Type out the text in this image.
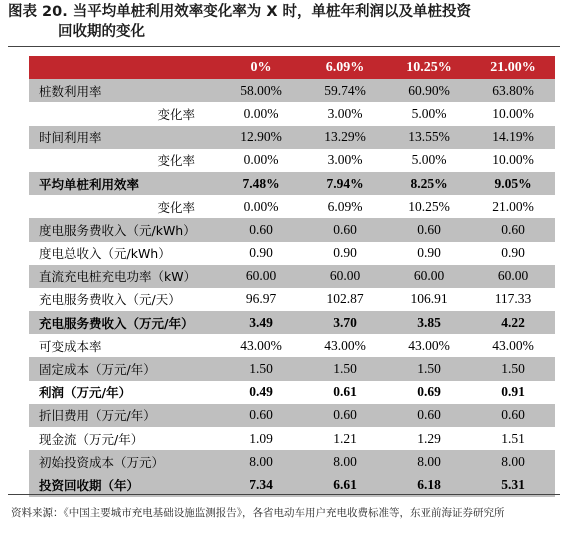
图表 20. 当平均单桩利用效率变化率为 X 时，单桩年利润以及单桩投资
回收期的变化
	0%	6.09%	10.25%	21.00%
桩数利用率	58.00%	59.74%	60.90%	63.80%
变化率	0.00%	3.00%	5.00%	10.00%
时间利用率	12.90%	13.29%	13.55%	14.19%
变化率	0.00%	3.00%	5.00%	10.00%
平均单桩利用效率	7.48%	7.94%	8.25%	9.05%
变化率	0.00%	6.09%	10.25%	21.00%
度电服务费收入（元/kWh）	0.60	0.60	0.60	0.60
度电总收入（元/kWh）	0.90	0.90	0.90	0.90
直流充电桩充电功率（kW）	60.00	60.00	60.00	60.00
充电服务费收入（元/天）	96.97	102.87	106.91	117.33
充电服务费收入（万元/年）	3.49	3.70	3.85	4.22
可变成本率	43.00%	43.00%	43.00%	43.00%
固定成本（万元/年）	1.50	1.50	1.50	1.50
利润（万元/年）	0.49	0.61	0.69	0.91
折旧费用（万元/年）	0.60	0.60	0.60	0.60
现金流（万元/年）	1.09	1.21	1.29	1.51
初始投资成本（万元）	8.00	8.00	8.00	8.00
投资回收期（年）	7.34	6.61	6.18	5.31
资料来源：《中国主要城市充电基础设施监测报告》，各省电动车用户充电收费标准等，东亚前海证券研究所
